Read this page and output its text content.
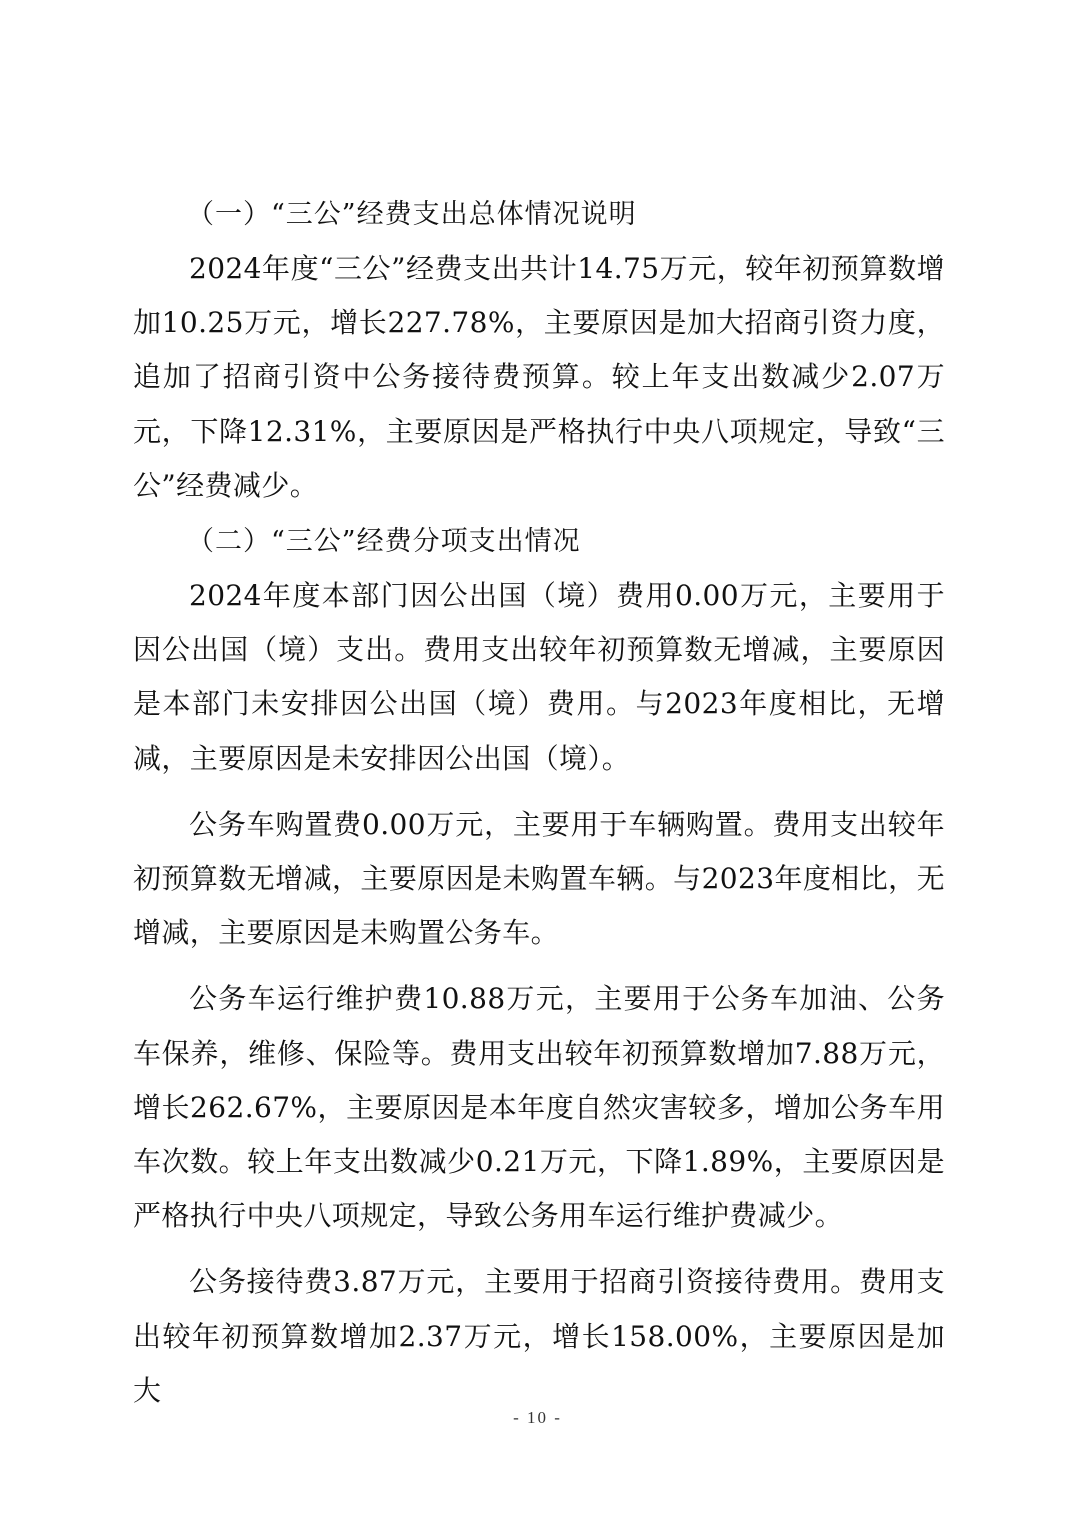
（一）“三公”经费支出总体情况说明

2024年度“三公”经费支出共计14.75万元，较年初预算数增加10.25万元，增长227.78%，主要原因是加大招商引资力度，追加了招商引资中公务接待费预算。较上年支出数减少2.07万元，下降12.31%，主要原因是严格执行中央八项规定，导致“三公”经费减少。

（二）“三公”经费分项支出情况

2024年度本部门因公出国（境）费用0.00万元，主要用于因公出国（境）支出。费用支出较年初预算数无增减，主要原因是本部门未安排因公出国（境）费用。与2023年度相比，无增减，主要原因是未安排因公出国（境）。

公务车购置费0.00万元，主要用于车辆购置。费用支出较年初预算数无增减，主要原因是未购置车辆。与2023年度相比，无增减，主要原因是未购置公务车。

公务车运行维护费10.88万元，主要用于公务车加油、公务车保养，维修、保险等。费用支出较年初预算数增加7.88万元，增长262.67%，主要原因是本年度自然灾害较多，增加公务车用车次数。较上年支出数减少0.21万元，下降1.89%，主要原因是严格执行中央八项规定，导致公务用车运行维护费减少。

公务接待费3.87万元，主要用于招商引资接待费用。费用支出较年初预算数增加2.37万元，增长158.00%，主要原因是加大

- 10 -
